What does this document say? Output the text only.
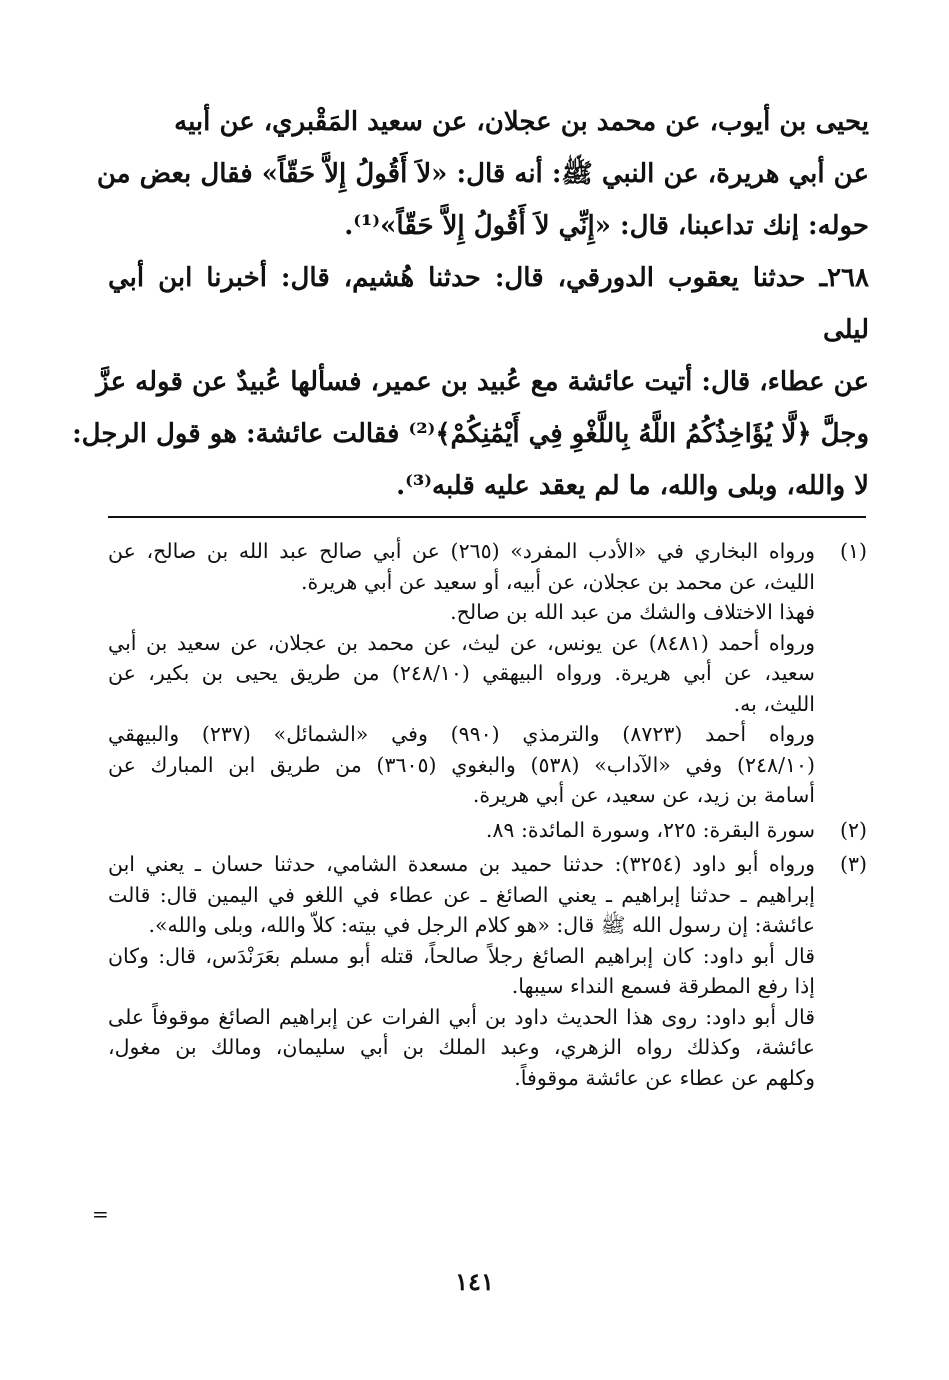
يحيى بن أيوب، عن محمد بن عجلان، عن سعيد المَقْبري، عن أبيه
عن أبي هريرة، عن النبي ﷺ: أنه قال: «لاَ أَقُولُ إِلاَّ حَقّاً» فقال بعض من
حوله: إنك تداعبنا، قال: «إِنِّي لاَ أَقُولُ إِلاَّ حَقّاً»⁽¹⁾.
٢٦٨ـ حدثنا يعقوب الدورقي، قال: حدثنا هُشيم، قال: أخبرنا ابن أبي
ليلى
عن عطاء، قال: أتيت عائشة مع عُبيد بن عمير، فسألها عُبيدٌ عن قوله عزَّ
وجلَّ ﴿لَّا يُؤَاخِذُكُمُ اللَّهُ بِاللَّغْوِ فِي أَيْمَٰنِكُمْ﴾⁽²⁾ فقالت عائشة: هو قول الرجل:
لا والله، وبلى والله، ما لم يعقد عليه قلبه⁽³⁾.
(١)ورواه البخاري في «الأدب المفرد» (٢٦٥) عن أبي صالح عبد الله بن صالح، عن
الليث، عن محمد بن عجلان، عن أبيه، أو سعيد عن أبي هريرة.
فهذا الاختلاف والشك من عبد الله بن صالح.
ورواه أحمد (٨٤٨١) عن يونس، عن ليث، عن محمد بن عجلان، عن سعيد بن أبي
سعيد، عن أبي هريرة. ورواه البيهقي (٢٤٨/١٠) من طريق يحيى بن بكير، عن
الليث، به.
ورواه أحمد (٨٧٢٣) والترمذي (٩٩٠) وفي «الشمائل» (٢٣٧) والبيهقي
(٢٤٨/١٠) وفي «الآداب» (٥٣٨) والبغوي (٣٦٠٥) من طريق ابن المبارك عن
أسامة بن زيد، عن سعيد، عن أبي هريرة.
(٢)سورة البقرة: ٢٢٥، وسورة المائدة: ٨٩.
(٣)ورواه أبو داود (٣٢٥٤): حدثنا حميد بن مسعدة الشامي، حدثنا حسان ـ يعني ابن
إبراهيم ـ حدثنا إبراهيم ـ يعني الصائغ ـ عن عطاء في اللغو في اليمين قال: قالت
عائشة: إن رسول الله ﷺ قال: «هو كلام الرجل في بيته: كلاّ والله، وبلى والله».
قال أبو داود: كان إبراهيم الصائغ رجلاً صالحاً، قتله أبو مسلم بعَرَنْدَس، قال: وكان
إذا رفع المطرقة فسمع النداء سيبها.
قال أبو داود: روى هذا الحديث داود بن أبي الفرات عن إبراهيم الصائغ موقوفاً على
عائشة، وكذلك رواه الزهري، وعبد الملك بن أبي سليمان، ومالك بن مغول،
وكلهم عن عطاء عن عائشة موقوفاً.
=
١٤١
